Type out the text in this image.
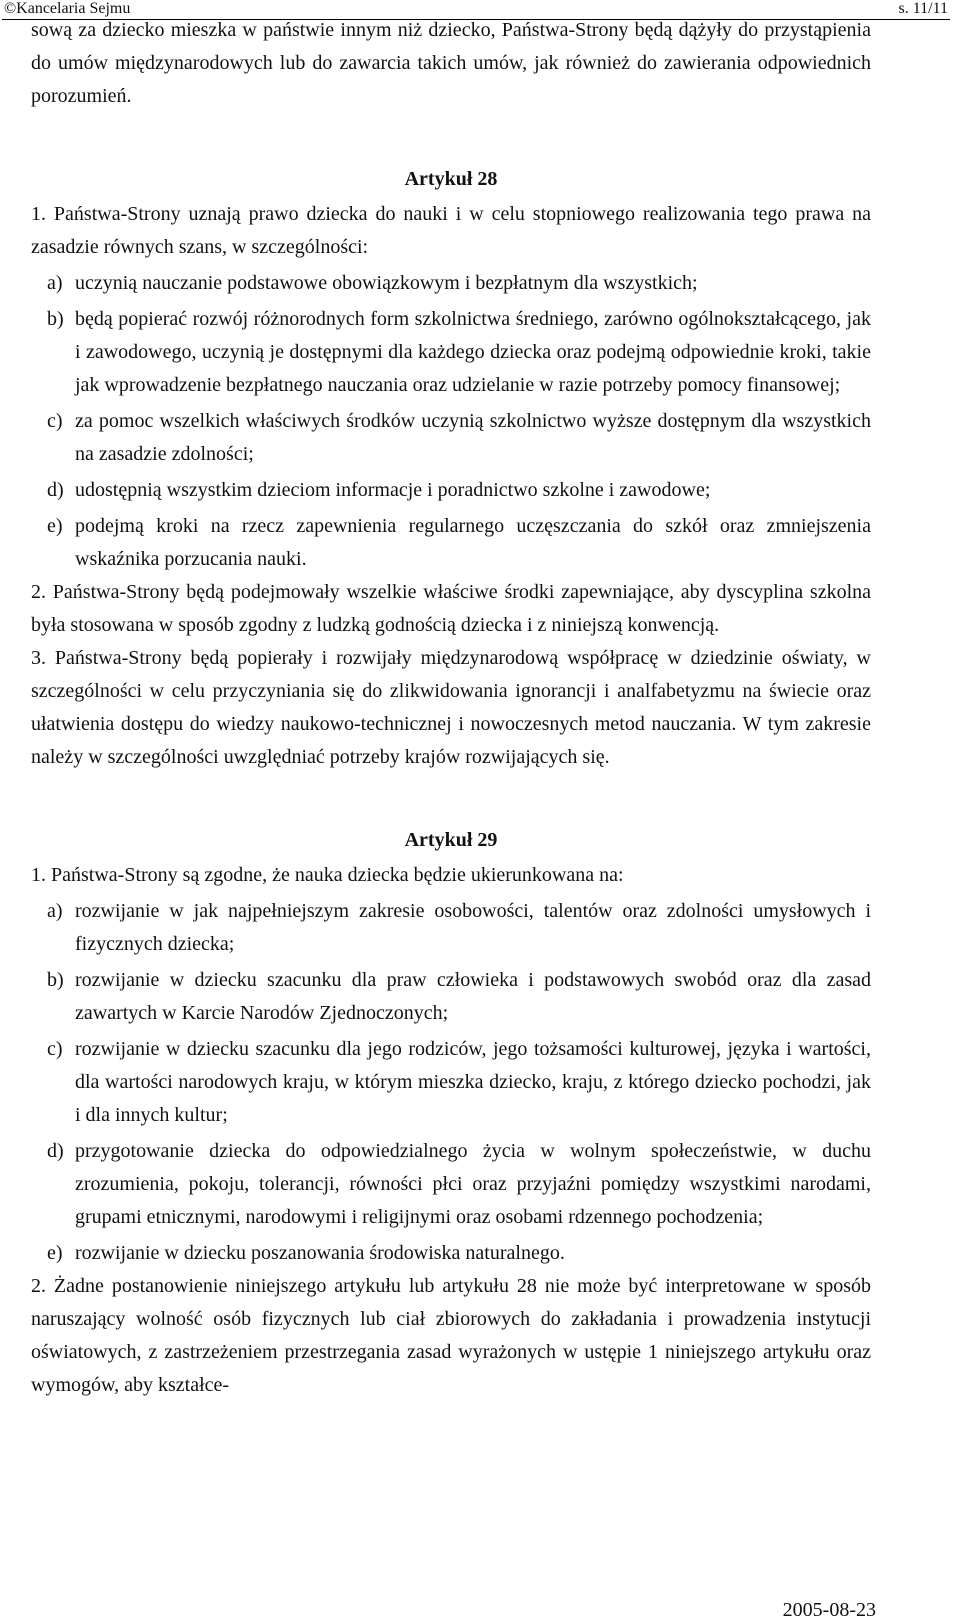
©Kancelaria Sejmu	s. 11/11

sową za dziecko mieszka w państwie innym niż dziecko, Państwa-Strony będą dążyły do przystąpienia do umów międzynarodowych lub do zawarcia takich umów, jak również do zawierania odpowiednich porozumień.

Artykuł 28

1. Państwa-Strony uznają prawo dziecka do nauki i w celu stopniowego realizowania tego prawa na zasadzie równych szans, w szczególności:

a) uczynią nauczanie podstawowe obowiązkowym i bezpłatnym dla wszystkich;
b) będą popierać rozwój różnorodnych form szkolnictwa średniego, zarówno ogólnokształcącego, jak i zawodowego, uczynią je dostępnymi dla każdego dziecka oraz podejmą odpowiednie kroki, takie jak wprowadzenie bezpłatnego nauczania oraz udzielanie w razie potrzeby pomocy finansowej;
c) za pomoc wszelkich właściwych środków uczynią szkolnictwo wyższe dostępnym dla wszystkich na zasadzie zdolności;
d) udostępnią wszystkim dzieciom informacje i poradnictwo szkolne i zawodowe;
e) podejmą kroki na rzecz zapewnienia regularnego uczęszczania do szkół oraz zmniejszenia wskaźnika porzucania nauki.

2. Państwa-Strony będą podejmowały wszelkie właściwe środki zapewniające, aby dyscyplina szkolna była stosowana w sposób zgodny z ludzką godnością dziecka i z niniejszą konwencją.

3. Państwa-Strony będą popierały i rozwijały międzynarodową współpracę w dziedzinie oświaty, w szczególności w celu przyczyniania się do zlikwidowania ignorancji i analfabetyzmu na świecie oraz ułatwienia dostępu do wiedzy naukowo-technicznej i nowoczesnych metod nauczania. W tym zakresie należy w szczególności uwzględniać potrzeby krajów rozwijających się.

Artykuł 29

1. Państwa-Strony są zgodne, że nauka dziecka będzie ukierunkowana na:

a) rozwijanie w jak najpełniejszym zakresie osobowości, talentów oraz zdolności umysłowych i fizycznych dziecka;
b) rozwijanie w dziecku szacunku dla praw człowieka i podstawowych swobód oraz dla zasad zawartych w Karcie Narodów Zjednoczonych;
c) rozwijanie w dziecku szacunku dla jego rodziców, jego tożsamości kulturowej, języka i wartości, dla wartości narodowych kraju, w którym mieszka dziecko, kraju, z którego dziecko pochodzi, jak i dla innych kultur;
d) przygotowanie dziecka do odpowiedzialnego życia w wolnym społeczeństwie, w duchu zrozumienia, pokoju, tolerancji, równości płci oraz przyjaźni pomiędzy wszystkimi narodami, grupami etnicznymi, narodowymi i religijnymi oraz osobami rdzennego pochodzenia;
e) rozwijanie w dziecku poszanowania środowiska naturalnego.

2. Żadne postanowienie niniejszego artykułu lub artykułu 28 nie może być interpretowane w sposób naruszający wolność osób fizycznych lub ciał zbiorowych do zakładania i prowadzenia instytucji oświatowych, z zastrzeżeniem przestrzegania zasad wyrażonych w ustępie 1 niniejszego artykułu oraz wymogów, aby kształce-

2005-08-23
